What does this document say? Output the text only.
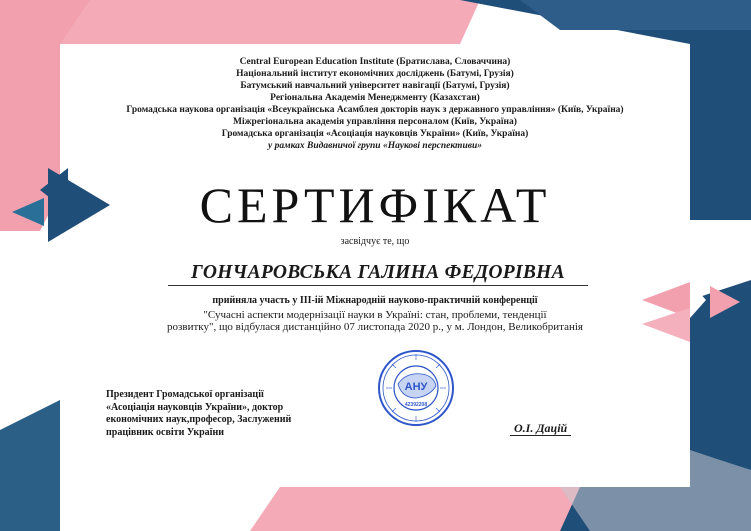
Central European Education Institute (Братислава, Словаччина)
Національний інститут економічних досліджень (Батумі, Грузія)
Батумський навчальний університет навігації (Батумі, Грузія)
Регіональна Академія Менеджменту (Казахстан)
Громадська наукова організація «Всеукраїнська Асамблея докторів наук з державного управління» (Київ, Україна)
Міжрегіональна академія управління персоналом (Київ, Україна)
Громадська організація «Асоціація науковців України» (Київ, Україна)
у рамках Видавничої групи «Наукові перспективи»
СЕРТИФІКАТ
засвідчує те, що
ГОНЧАРОВСЬКА ГАЛИНА ФЕДОРІВНА
прийняла участь у ІІІ-ій Міжнародній науково-практичній конференції
"Сучасні аспекти модернізації науки в Україні: стан, проблеми, тенденції
розвитку", що відбулася дистанційно 07 листопада 2020 р., у м. Лондон, Великобританія
АНУ
42392208
Президент Громадської організації
«Асоціація науковців України», доктор
економічних наук,професор, Заслужений
працівник освіти України	О.І. Дацій
